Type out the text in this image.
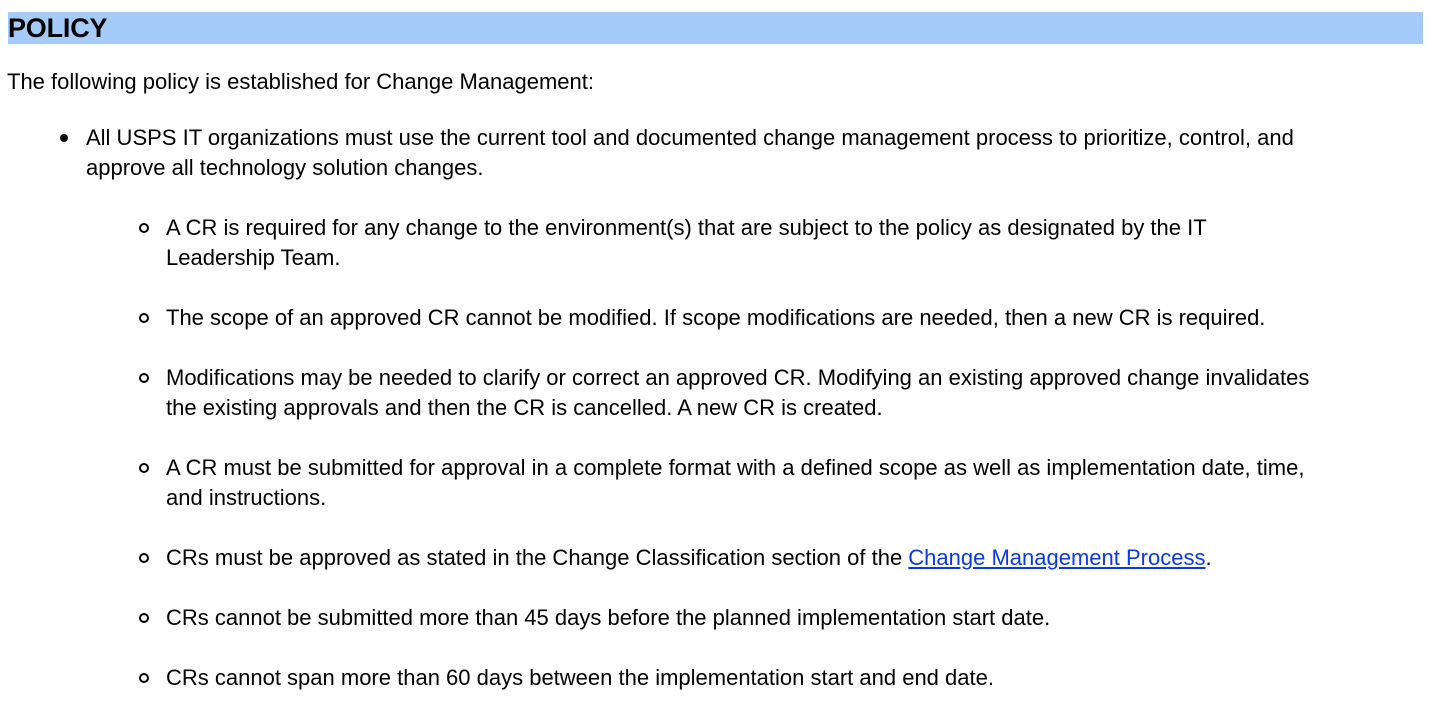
POLICY
The following policy is established for Change Management:
All USPS IT organizations must use the current tool and documented change management process to prioritize, control, and
approve all technology solution changes.
A CR is required for any change to the environment(s) that are subject to the policy as designated by the IT
Leadership Team.
The scope of an approved CR cannot be modified. If scope modifications are needed, then a new CR is required.
Modifications may be needed to clarify or correct an approved CR. Modifying an existing approved change invalidates
the existing approvals and then the CR is cancelled. A new CR is created.
A CR must be submitted for approval in a complete format with a defined scope as well as implementation date, time,
and instructions.
CRs must be approved as stated in the Change Classification section of the Change Management Process.
CRs cannot be submitted more than 45 days before the planned implementation start date.
CRs cannot span more than 60 days between the implementation start and end date.
